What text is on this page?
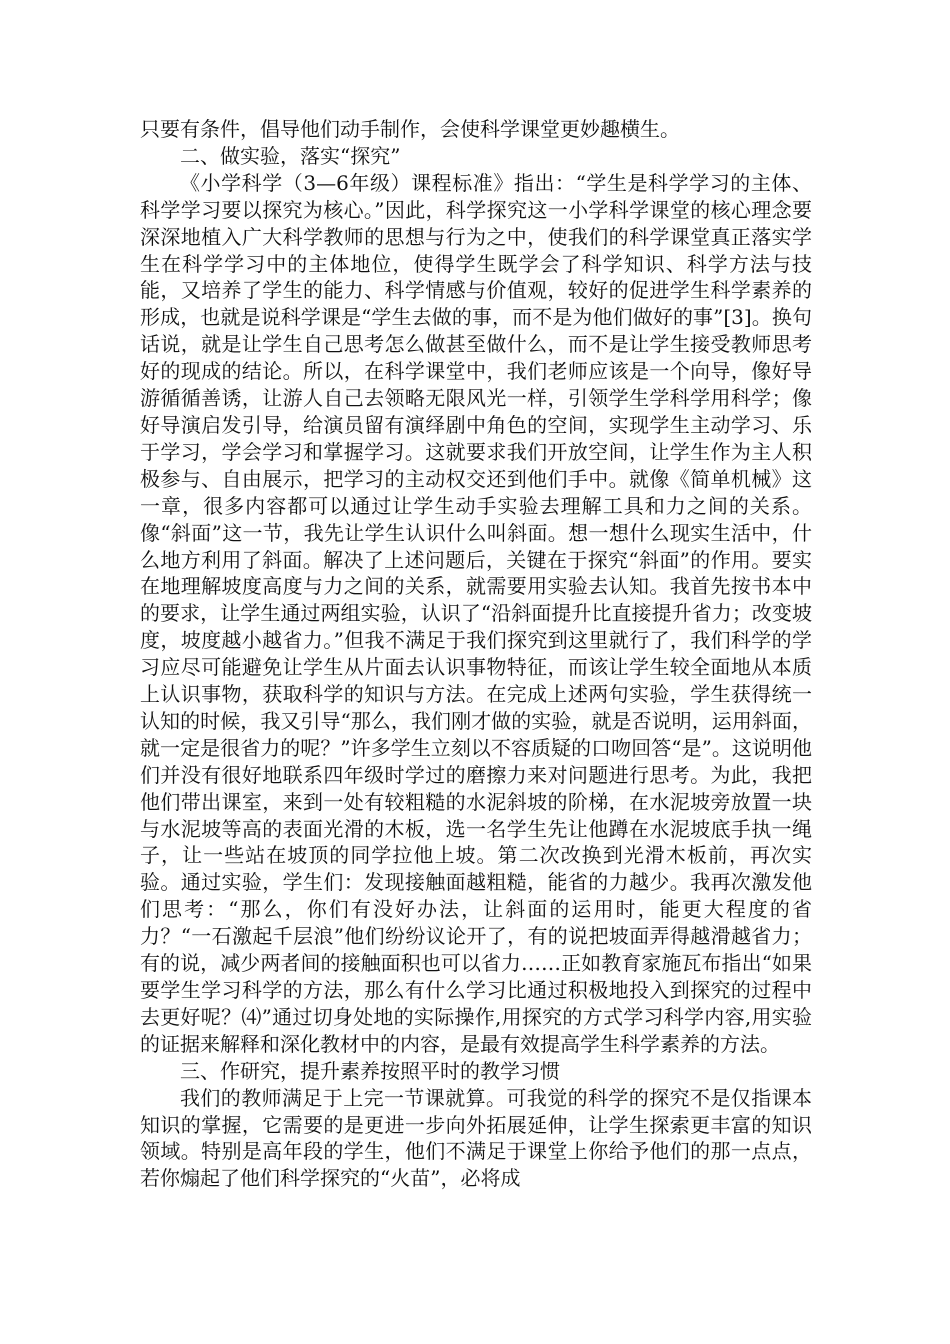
只要有条件，倡导他们动手制作，会使科学课堂更妙趣横生。

二、做实验，落实“探究”

《小学科学（3—6年级）课程标准》指出：“学生是科学学习的主体、科学学习要以探究为核心。”因此，科学探究这一小学科学课堂的核心理念要深深地植入广大科学教师的思想与行为之中，使我们的科学课堂真正落实学生在科学学习中的主体地位，使得学生既学会了科学知识、科学方法与技能，又培养了学生的能力、科学情感与价值观，较好的促进学生科学素养的形成，也就是说科学课是“学生去做的事，而不是为他们做好的事”[3]。换句话说，就是让学生自己思考怎么做甚至做什么，而不是让学生接受教师思考好的现成的结论。所以，在科学课堂中，我们老师应该是一个向导，像好导游循循善诱，让游人自己去领略无限风光一样，引领学生学科学用科学；像好导演启发引导，给演员留有演绎剧中角色的空间，实现学生主动学习、乐于学习，学会学习和掌握学习。这就要求我们开放空间，让学生作为主人积极参与、自由展示，把学习的主动权交还到他们手中。就像《简单机械》这一章，很多内容都可以通过让学生动手实验去理解工具和力之间的关系。像“斜面”这一节，我先让学生认识什么叫斜面。想一想什么现实生活中，什么地方利用了斜面。解决了上述问题后，关键在于探究“斜面”的作用。要实在地理解坡度高度与力之间的关系，就需要用实验去认知。我首先按书本中的要求，让学生通过两组实验，认识了“沿斜面提升比直接提升省力；改变坡度，坡度越小越省力。”但我不满足于我们探究到这里就行了，我们科学的学习应尽可能避免让学生从片面去认识事物特征，而该让学生较全面地从本质上认识事物，获取科学的知识与方法。在完成上述两句实验，学生获得统一认知的时候，我又引导“那么，我们刚才做的实验，就是否说明，运用斜面，就一定是很省力的呢？”许多学生立刻以不容质疑的口吻回答“是”。这说明他们并没有很好地联系四年级时学过的磨擦力来对问题进行思考。为此，我把他们带出课室，来到一处有较粗糙的水泥斜坡的阶梯，在水泥坡旁放置一块与水泥坡等高的表面光滑的木板，选一名学生先让他蹲在水泥坡底手执一绳子，让一些站在坡顶的同学拉他上坡。第二次改换到光滑木板前，再次实验。通过实验，学生们：发现接触面越粗糙，能省的力越少。我再次激发他们思考：“那么，你们有没好办法，让斜面的运用时，能更大程度的省力？“一石激起千层浪”他们纷纷议论开了，有的说把坡面弄得越滑越省力；有的说，减少两者间的接触面积也可以省力……正如教育家施瓦布指出“如果要学生学习科学的方法，那么有什么学习比通过积极地投入到探究的过程中去更好呢？⑷”通过切身处地的实际操作,用探究的方式学习科学内容,用实验的证据来解释和深化教材中的内容，是最有效提高学生科学素养的方法。

三、作研究，提升素养按照平时的教学习惯

我们的教师满足于上完一节课就算。可我觉的科学的探究不是仅指课本知识的掌握，它需要的是更进一步向外拓展延伸，让学生探索更丰富的知识领域。特别是高年段的学生，他们不满足于课堂上你给予他们的那一点点，若你煽起了他们科学探究的“火苗”，必将成
